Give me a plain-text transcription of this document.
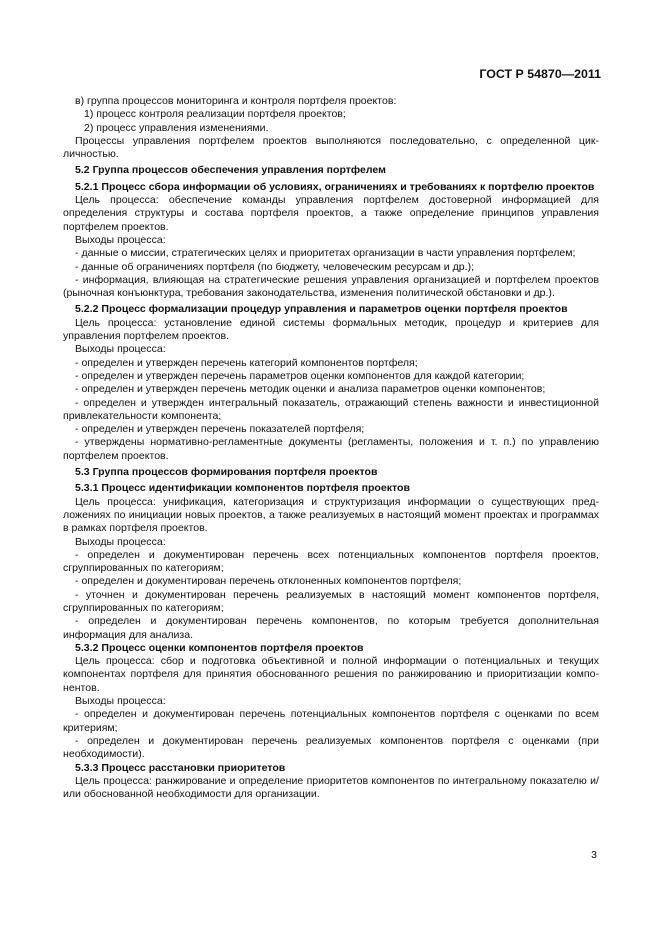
ГОСТ Р 54870—2011

в) группа процессов мониторинга и контроля портфеля проектов:

1) процесс контроля реализации портфеля проектов;

2) процесс управления изменениями.

Процессы управления портфелем проектов выполняются последовательно, с определенной цикличностью.

5.2 Группа процессов обеспечения управления портфелем

5.2.1 Процесс сбора информации об условиях, ограничениях и требованиях к портфелю проектов

Цель процесса: обеспечение команды управления портфелем достоверной информацией для определения структуры и состава портфеля проектов, а также определение принципов управления портфелем проектов.

Выходы процесса:

- данные о миссии, стратегических целях и приоритетах организации в части управления портфелем;

- данные об ограничениях портфеля (по бюджету, человеческим ресурсам и др.);

- информация, влияющая на стратегические решения управления организацией и портфелем проектов (рыночная конъюнктура, требования законодательства, изменения политической обстановки и др.).

5.2.2 Процесс формализации процедур управления и параметров оценки портфеля проектов

Цель процесса: установление единой системы формальных методик, процедур и критериев для управления портфелем проектов.

Выходы процесса:

- определен и утвержден перечень категорий компонентов портфеля;

- определен и утвержден перечень параметров оценки компонентов для каждой категории;

- определен и утвержден перечень методик оценки и анализа параметров оценки компонентов;

- определен и утвержден интегральный показатель, отражающий степень важности и инвестиционной привлекательности компонента;

- определен и утвержден перечень показателей портфеля;

- утверждены нормативно-регламентные документы (регламенты, положения и т. п.) по управлению портфелем проектов.

5.3 Группа процессов формирования портфеля проектов

5.3.1 Процесс идентификации компонентов портфеля проектов

Цель процесса: унификация, категоризация и структуризация информации о существующих предложениях по инициации новых проектов, а также реализуемых в настоящий момент проектах и программах в рамках портфеля проектов.

Выходы процесса:

- определен и документирован перечень всех потенциальных компонентов портфеля проектов, сгруппированных по категориям;

- определен и документирован перечень отклоненных компонентов портфеля;

- уточнен и документирован перечень реализуемых в настоящий момент компонентов портфеля, сгруппированных по категориям;

- определен и документирован перечень компонентов, по которым требуется дополнительная информация для анализа.

5.3.2 Процесс оценки компонентов портфеля проектов

Цель процесса: сбор и подготовка объективной и полной информации о потенциальных и текущих компонентах портфеля для принятия обоснованного решения по ранжированию и приоритизации компонентов.

Выходы процесса:

- определен и документирован перечень потенциальных компонентов портфеля с оценками по всем критериям;

- определен и документирован перечень реализуемых компонентов портфеля с оценками (при необходимости).

5.3.3 Процесс расстановки приоритетов

Цель процесса: ранжирование и определение приоритетов компонентов по интегральному показателю и/или обоснованной необходимости для организации.

3
